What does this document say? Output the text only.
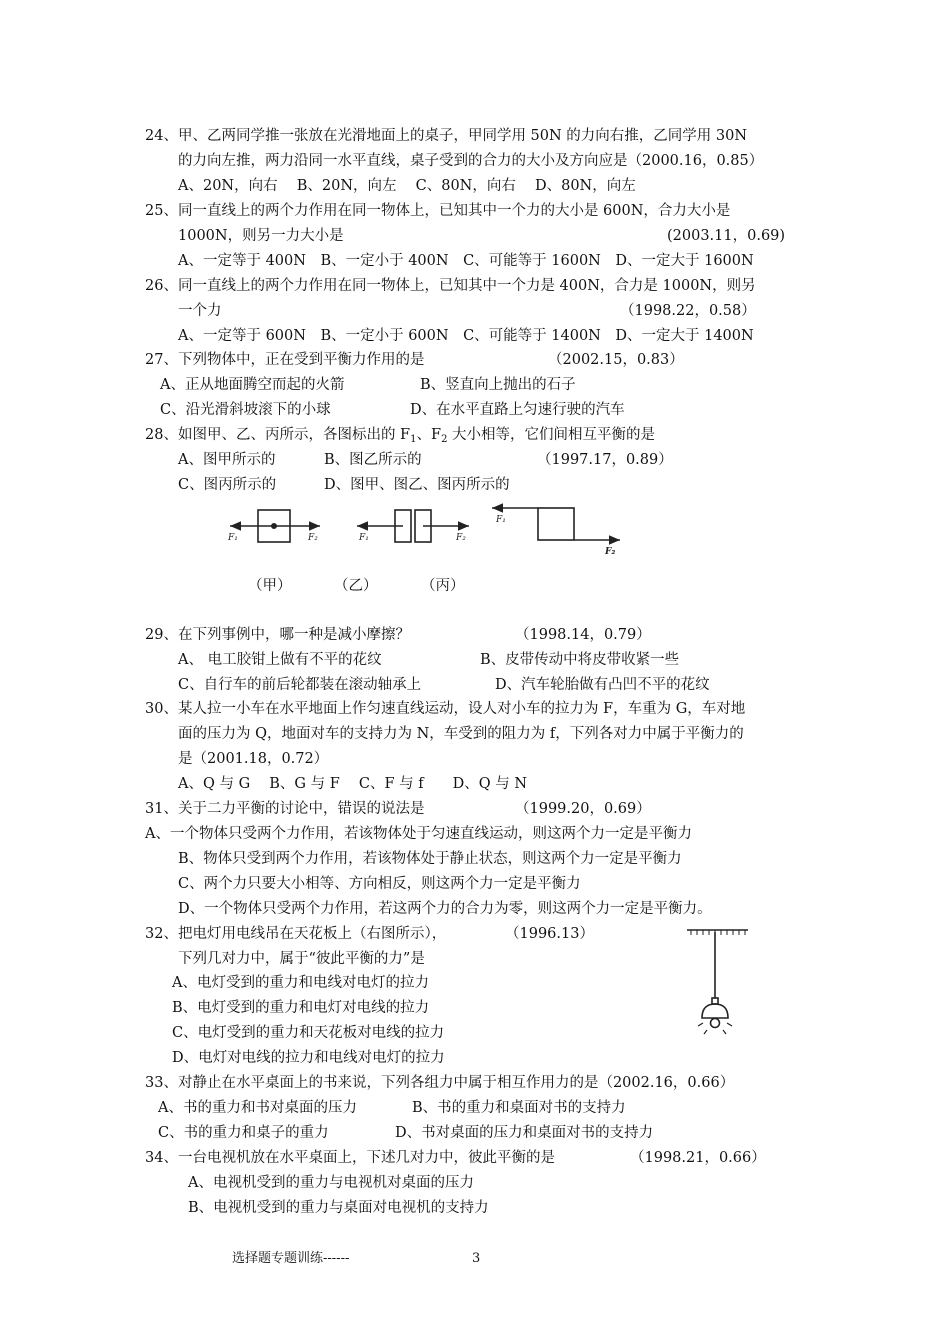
24、甲、乙两同学推一张放在光滑地面上的桌子，甲同学用 50N 的力向右推，乙同学用 30N
的力向左推，两力沿同一水平直线，桌子受到的合力的大小及方向应是（2000.16，0.85）
A、20N，向右　 B、20N，向左　 C、80N，向右　 D、80N，向左
25、同一直线上的两个力作用在同一物体上，已知其中一个力的大小是 600N，合力大小是
1000N，则另一力大小是	(2003.11，0.69)
A、一定等于 400N　B、一定小于 400N　C、可能等于 1600N　D、一定大于 1600N
26、同一直线上的两个力作用在同一物体上，已知其中一个力是 400N，合力是 1000N，则另
一个力	（1998.22，0.58）
A、一定等于 600N　B、一定小于 600N　C、可能等于 1400N　D、一定大于 1400N
27、下列物体中，正在受到平衡力作用的是	（2002.15，0.83）
A、正从地面腾空而起的火箭	B、竖直向上抛出的石子
C、沿光滑斜坡滚下的小球	D、在水平直路上匀速行驶的汽车
28、如图甲、乙、丙所示，各图标出的 $F_1$、$F_2$ 大小相等，它们间相互平衡的是
A、图甲所示的	B、图乙所示的	（1997.17，0.89）
C、图丙所示的	D、图甲、图乙、图丙所示的
F₁	F₂	F₁	F₂
F₁
F₂
（甲）	（乙）	（丙）
29、在下列事例中，哪一种是减小摩擦？	（1998.14，0.79）
A、 电工胶钳上做有不平的花纹	B、皮带传动中将皮带收紧一些
C、自行车的前后轮都装在滚动轴承上	D、汽车轮胎做有凸凹不平的花纹
30、某人拉一小车在水平地面上作匀速直线运动，设人对小车的拉力为 F，车重为 G，车对地
面的压力为 Q，地面对车的支持力为 N，车受到的阻力为 f，下列各对力中属于平衡力的
是（2001.18，0.72）
A、Q 与 G　 B、G 与 F　 C、F 与 f　　D、Q 与 N
31、关于二力平衡的讨论中，错误的说法是	（1999.20，0.69）
A、一个物体只受两个力作用，若该物体处于匀速直线运动，则这两个力一定是平衡力
B、物体只受到两个力作用，若该物体处于静止状态，则这两个力一定是平衡力
C、两个力只要大小相等、方向相反，则这两个力一定是平衡力
D、一个物体只受两个力作用，若这两个力的合力为零，则这两个力一定是平衡力。
32、把电灯用电线吊在天花板上（右图所示），	（1996.13）
下列几对力中，属于“彼此平衡的力”是
A、电灯受到的重力和电线对电灯的拉力
B、电灯受到的重力和电灯对电线的拉力
C、电灯受到的重力和天花板对电线的拉力
D、电灯对电线的拉力和电线对电灯的拉力
33、对静止在水平桌面上的书来说，下列各组力中属于相互作用力的是（2002.16，0.66）
A、书的重力和书对桌面的压力	B、书的重力和桌面对书的支持力
C、书的重力和桌子的重力	D、书对桌面的压力和桌面对书的支持力
34、一台电视机放在水平桌面上，下述几对力中，彼此平衡的是	（1998.21，0.66）
A、电视机受到的重力与电视机对桌面的压力
B、电视机受到的重力与桌面对电视机的支持力
选择题专题训练------	3
